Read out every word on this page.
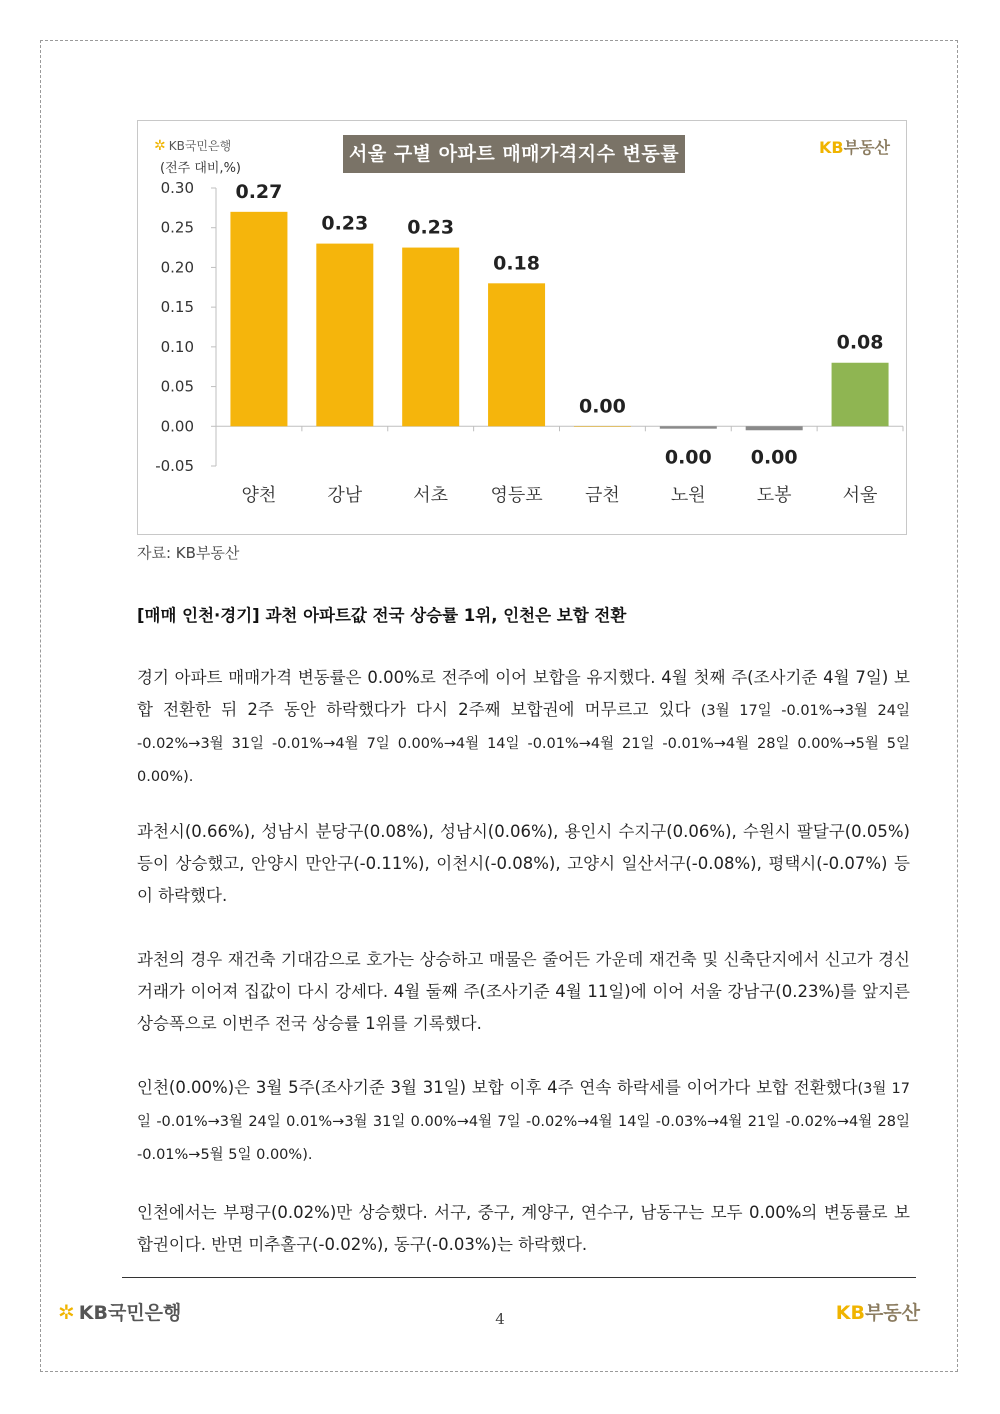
-0.05
0.00
0.05
0.10
0.15
0.20
0.25
0.30 0.27
양천
0.23
강남
0.23
서초
0.18
영등포
0.00
금천
0.00
노원
0.00
도봉
0.08
서울
✲ KB국민은행
(전주 대비,%)
서울 구별 아파트 매매가격지수 변동률	KB부동산
자료: KB부동산
[매매 인천·경기] 과천 아파트값 전국 상승률 1위, 인천은 보합 전환
경기 아파트 매매가격 변동률은 0.00%로 전주에 이어 보합을 유지했다. 4월 첫째 주(조사기준 4월 7일) 보합 전환한 뒤 2주 동안 하락했다가 다시 2주째 보합권에 머무르고 있다 (3월 17일 -0.01%→3월 24일 -0.02%→3월 31일 -0.01%→4월 7일 0.00%→4월 14일 -0.01%→4월 21일 -0.01%→4월 28일 0.00%→5월 5일 0.00%).
과천시(0.66%), 성남시 분당구(0.08%), 성남시(0.06%), 용인시 수지구(0.06%), 수원시 팔달구(0.05%) 등이 상승했고, 안양시 만안구(-0.11%), 이천시(-0.08%), 고양시 일산서구(-0.08%), 평택시(-0.07%) 등이 하락했다.
과천의 경우 재건축 기대감으로 호가는 상승하고 매물은 줄어든 가운데 재건축 및 신축단지에서 신고가 경신 거래가 이어져 집값이 다시 강세다. 4월 둘째 주(조사기준 4월 11일)에 이어 서울 강남구(0.23%)를 앞지른 상승폭으로 이번주 전국 상승률 1위를 기록했다.
인천(0.00%)은 3월 5주(조사기준 3월 31일) 보합 이후 4주 연속 하락세를 이어가다 보합 전환했다(3월 17일 -0.01%→3월 24일 0.01%→3월 31일 0.00%→4월 7일 -0.02%→4월 14일 -0.03%→4월 21일 -0.02%→4월 28일 -0.01%→5월 5일 0.00%).
인천에서는 부평구(0.02%)만 상승했다. 서구, 중구, 계양구, 연수구, 남동구는 모두 0.00%의 변동률로 보합권이다. 반면 미추홀구(-0.02%), 동구(-0.03%)는 하락했다.
✲ KB국민은행	4	KB부동산
